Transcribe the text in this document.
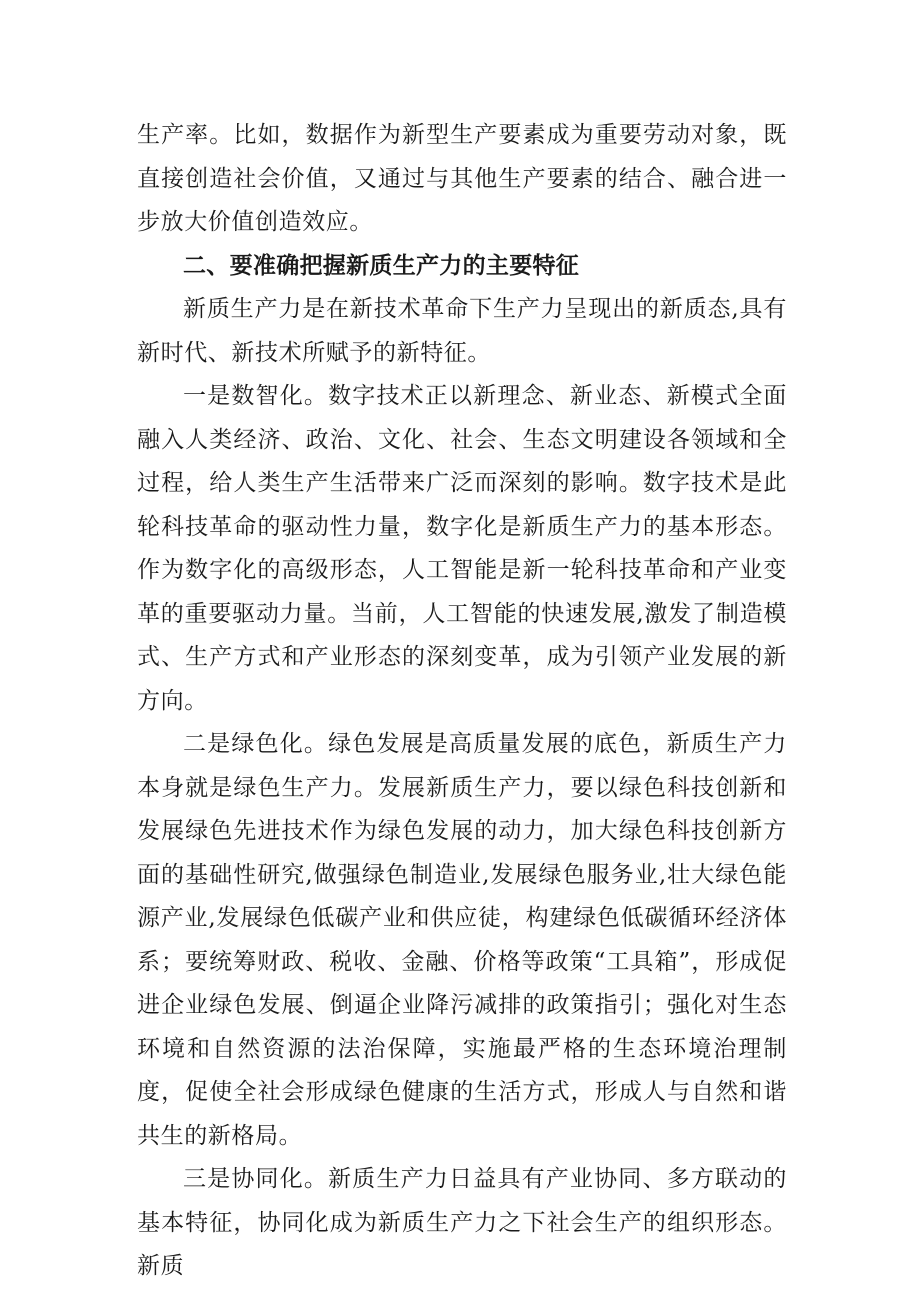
生产率。比如，数据作为新型生产要素成为重要劳动对象，既直接创造社会价值，又通过与其他生产要素的结合、融合进一步放大价值创造效应。

二、要准确把握新质生产力的主要特征

新质生产力是在新技术革命下生产力呈现出的新质态,具有新时代、新技术所赋予的新特征。

一是数智化。数字技术正以新理念、新业态、新模式全面融入人类经济、政治、文化、社会、生态文明建设各领域和全过程，给人类生产生活带来广泛而深刻的影响。数字技术是此轮科技革命的驱动性力量，数字化是新质生产力的基本形态。作为数字化的高级形态，人工智能是新一轮科技革命和产业变革的重要驱动力量。当前，人工智能的快速发展,激发了制造模式、生产方式和产业形态的深刻变革，成为引领产业发展的新方向。

二是绿色化。绿色发展是高质量发展的底色，新质生产力本身就是绿色生产力。发展新质生产力，要以绿色科技创新和发展绿色先进技术作为绿色发展的动力，加大绿色科技创新方面的基础性研究,做强绿色制造业,发展绿色服务业,壮大绿色能源产业,发展绿色低碳产业和供应徒，构建绿色低碳循环经济体系；要统筹财政、税收、金融、价格等政策“工具箱”，形成促进企业绿色发展、倒逼企业降污减排的政策指引；强化对生态环境和自然资源的法治保障，实施最严格的生态环境治理制度，促使全社会形成绿色健康的生活方式，形成人与自然和谐共生的新格局。

三是协同化。新质生产力日益具有产业协同、多方联动的基本特征，协同化成为新质生产力之下社会生产的组织形态。新质
